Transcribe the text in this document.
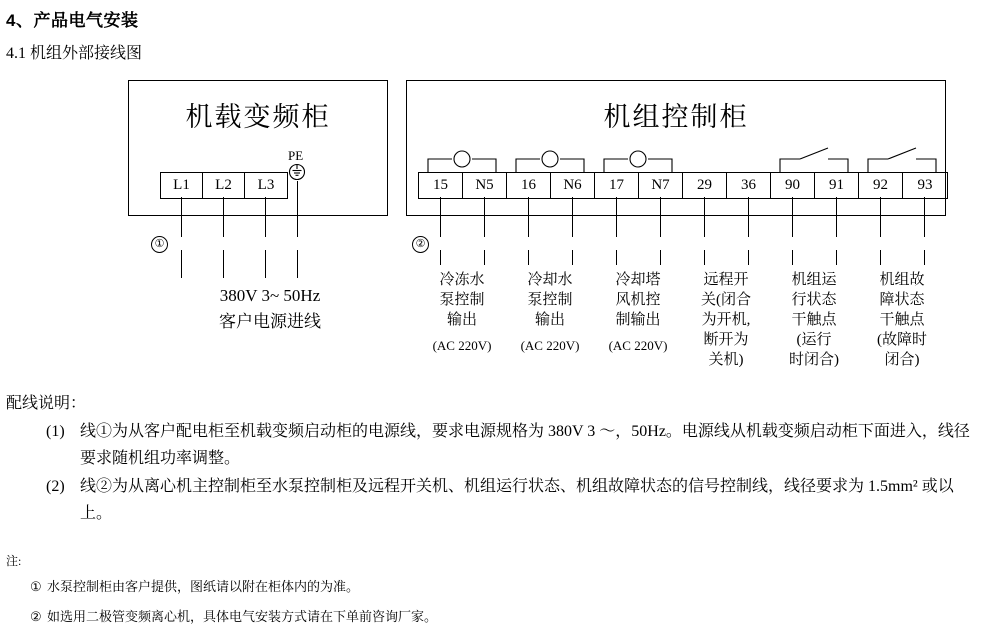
4、产品电气安装
4.1 机组外部接线图
机载变频柜
L1	L2	L3
PE
①
380V 3~ 50Hz
客户电源进线
机组控制柜
15	N5	16	N6	17	N7	29	36	90	91	92	93
②
冷冻水
泵控制
输出
(AC 220V)
冷却水
泵控制
输出
(AC 220V)
冷却塔
风机控
制输出
(AC 220V)
远程开
关(闭合
为开机,
断开为
关机)
机组运
行状态
干触点
(运行
时闭合)
机组故
障状态
干触点
(故障时
闭合)
配线说明：
(1) 线①为从客户配电柜至机载变频启动柜的电源线，要求电源规格为 380V 3 ～，50Hz。电源线从机载变频启动柜下面进入，线径要求随机组功率调整。
(2) 线②为从离心机主控制柜至水泵控制柜及远程开关机、机组运行状态、机组故障状态的信号控制线，线径要求为 1.5mm² 或以上。
注:
① 水泵控制柜由客户提供，图纸请以附在柜体内的为准。
② 如选用二极管变频离心机，具体电气安装方式请在下单前咨询厂家。
